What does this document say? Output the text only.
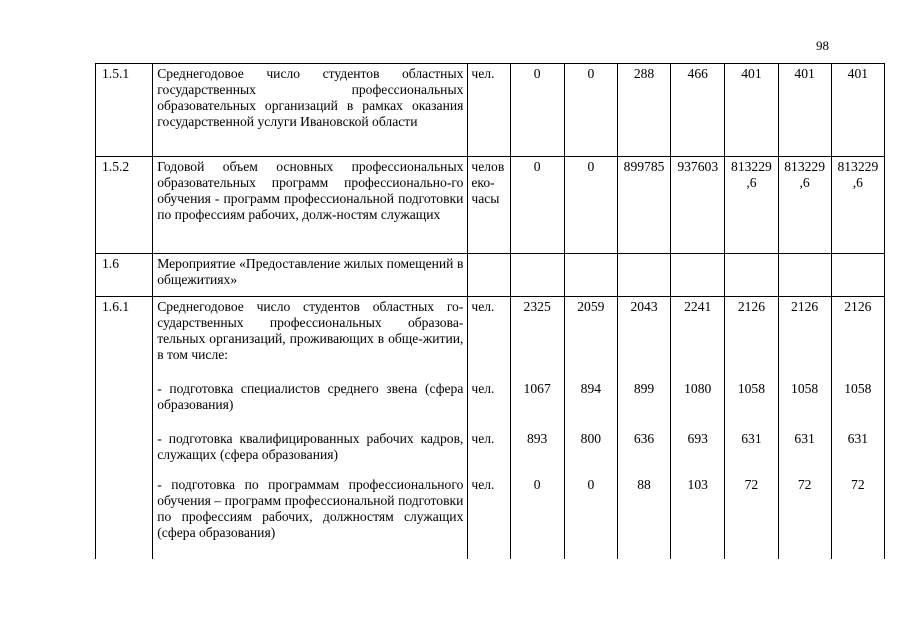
98
1.5.1	Среднегодовое число студентов областных государственных профессиональных образовательных организаций в рамках оказания государственной услуги Ивановской области	чел.	0	0	288	466	401	401	401
1.5.2	Годовой объем основных профессиональных образовательных программ профессионально-го обучения - программ профессиональной подготовки по профессиям рабочих, долж-ностям служащих	челов еко-часы	0	0	899785	937603	813229 ,6	813229 ,6	813229 ,6
1.6	Мероприятие «Предоставление жилых помещений в общежитиях»								
1.6.1	Среднегодовое число студентов областных го-сударственных профессиональных образова-тельных организаций, проживающих в обще-житии, в том числе:	чел.	2325	2059	2043	2241	2126	2126	2126
	- подготовка специалистов среднего звена (сфера образования)	чел.	1067	894	899	1080	1058	1058	1058
	- подготовка квалифицированных рабочих кадров, служащих (сфера образования)	чел.	893	800	636	693	631	631	631
	- подготовка по программам профессионального обучения – программ профессиональной подготовки по профессиям рабочих, должностям служащих (сфера образования)	чел.	0	0	88	103	72	72	72
